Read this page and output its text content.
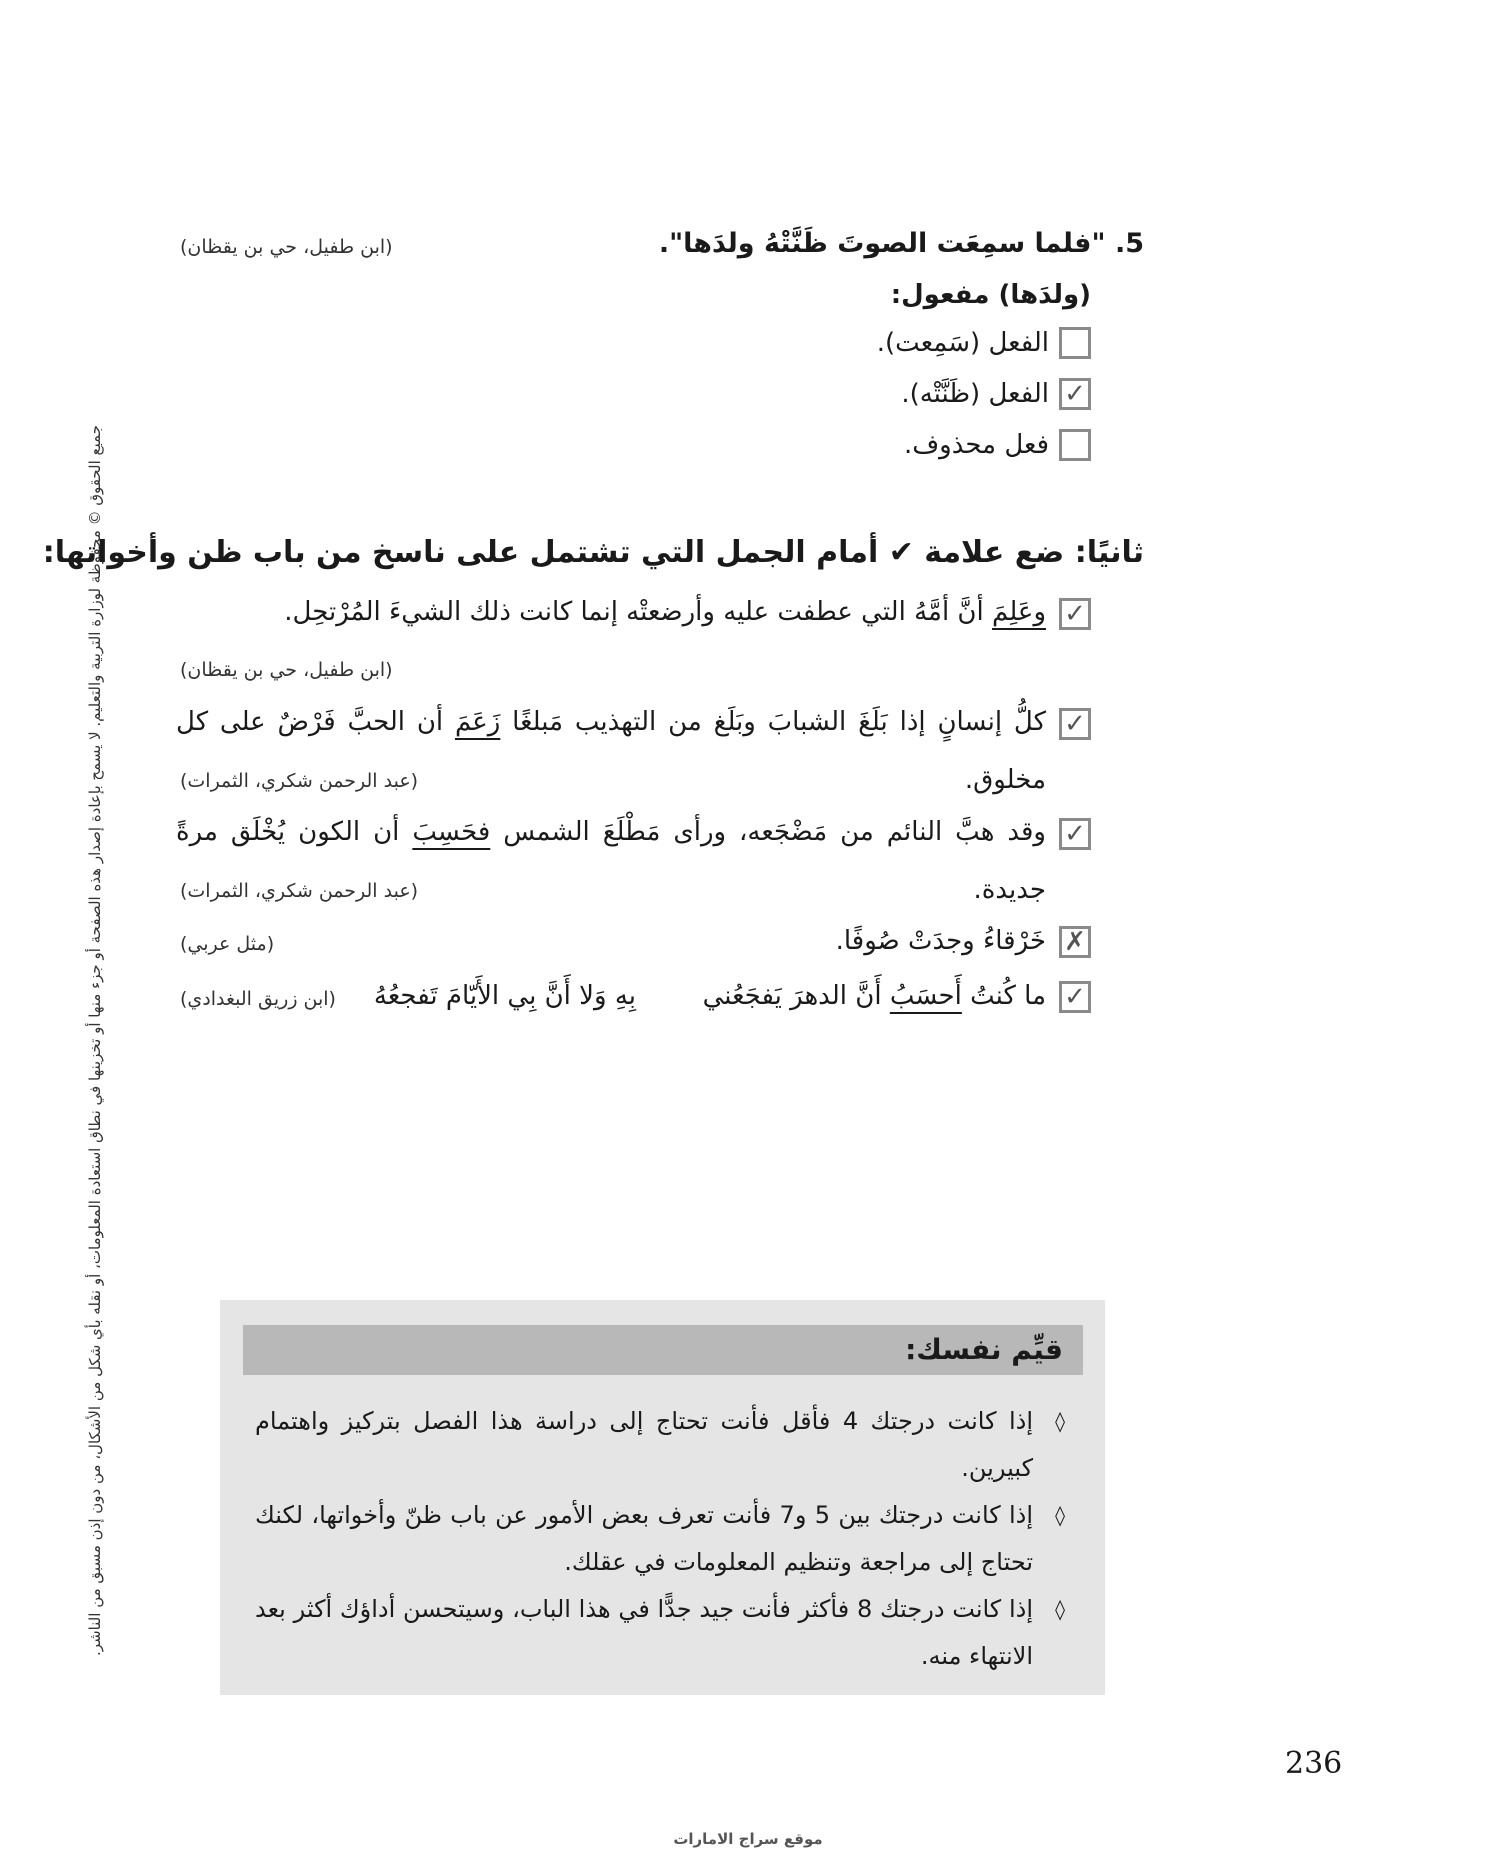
جميع الحقوق © محفوظة لوزارة التربية والتعليم. لا يسمح بإعادة إصدار هذه الصفحة أو جزء منها أو تخزينها في نطاق استعادة المعلومات، أو نقله بأي شكل من الأشكال، من دون إذن مسبق من الناشر.
5. "فلما سمِعَت الصوتَ ظَنَّتْهُ ولدَها".
(ابن طفيل، حي بن يقظان)
(ولدَها) مفعول:
الفعل (سَمِعت).
✓
الفعل (ظَنَّتْه).
فعل محذوف.
ثانيًا: ضع علامة ✔ أمام الجمل التي تشتمل على ناسخ من باب ظن وأخواتها:
✓
وعَلِمَ أنَّ أمَّهُ التي عطفت عليه وأرضعتْه إنما كانت ذلك الشيءَ المُرْتحِل.
(ابن طفيل، حي بن يقظان)
✓
كلُّ إنسانٍ إذا بَلَغَ الشبابَ وبَلَغ من التهذيب مَبلغًا زَعَمَ أن الحبَّ فَرْضٌ على كل مخلوق.
(عبد الرحمن شكري، الثمرات)
✓
وقد هبَّ النائم من مَضْجَعه، ورأى مَطْلَعَ الشمس فحَسِبَ أن الكون يُخْلَق مرةً جديدة.
(عبد الرحمن شكري، الثمرات)
✗
خَرْقاءُ وجدَتْ صُوفًا.
(مثل عربي)
✓
ما كُنتُ أَحسَبُ أَنَّ الدهرَ يَفجَعُني
بِهِ وَلا أَنَّ بِي الأَيّامَ تَفجعُهُ
(ابن زريق البغدادي)
قيِّم نفسك:
◊
إذا كانت درجتك 4 فأقل فأنت تحتاج إلى دراسة هذا الفصل بتركيز واهتمام كبيرين.
◊
إذا كانت درجتك بين 5 و7 فأنت تعرف بعض الأمور عن باب ظنّ وأخواتها، لكنك تحتاج إلى مراجعة وتنظيم المعلومات في عقلك.
◊
إذا كانت درجتك 8 فأكثر فأنت جيد جدًّا في هذا الباب، وسيتحسن أداؤك أكثر بعد الانتهاء منه.
236
موقع سراج الامارات
